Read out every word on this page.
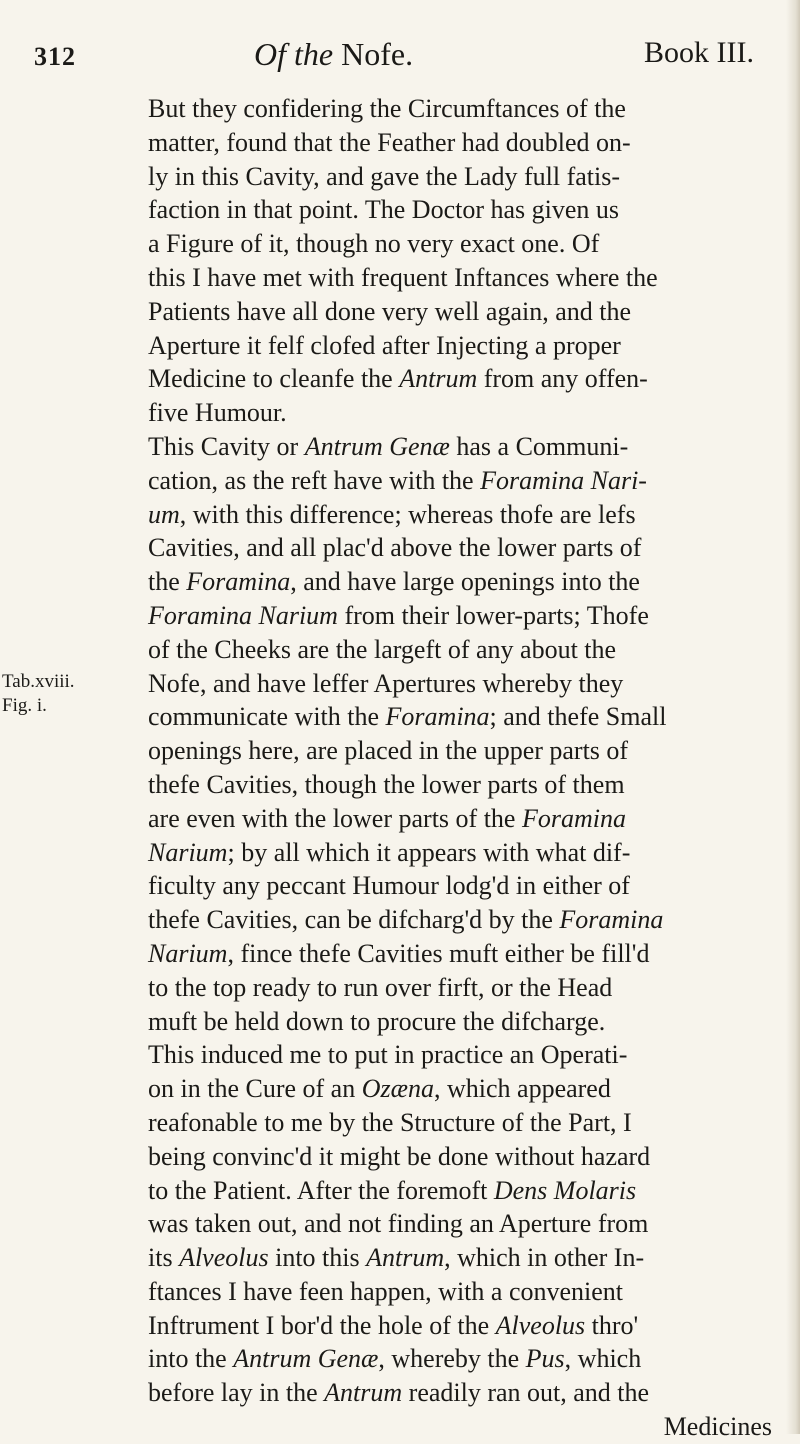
312	Of the Nofe.	Book III.
Tab.xviii.
Fig. i.
But they confidering the Circumftances of the
matter, found that the Feather had doubled on-
ly in this Cavity, and gave the Lady full fatis-
faction in that point. The Doctor has given us
a Figure of it, though no very exact one. Of
this I have met with frequent Inftances where the
Patients have all done very well again, and the
Aperture it felf clofed after Injecting a proper
Medicine to cleanfe the Antrum from any offen-
five Humour.
This Cavity or Antrum Genæ has a Communi-
cation, as the reft have with the Foramina Nari-
um, with this difference; whereas thofe are lefs
Cavities, and all plac'd above the lower parts of
the Foramina, and have large openings into the
Foramina Narium from their lower-parts; Thofe
of the Cheeks are the largeft of any about the
Nofe, and have leffer Apertures whereby they
communicate with the Foramina; and thefe Small
openings here, are placed in the upper parts of
thefe Cavities, though the lower parts of them
are even with the lower parts of the Foramina
Narium; by all which it appears with what dif-
ficulty any peccant Humour lodg'd in either of
thefe Cavities, can be difcharg'd by the Foramina
Narium, fince thefe Cavities muft either be fill'd
to the top ready to run over firft, or the Head
muft be held down to procure the difcharge.
This induced me to put in practice an Operati-
on in the Cure of an Ozæna, which appeared
reafonable to me by the Structure of the Part, I
being convinc'd it might be done without hazard
to the Patient. After the foremoft Dens Molaris
was taken out, and not finding an Aperture from
its Alveolus into this Antrum, which in other In-
ftances I have feen happen, with a convenient
Inftrument I bor'd the hole of the Alveolus thro'
into the Antrum Genæ, whereby the Pus, which
before lay in the Antrum readily ran out, and the
Medicines
